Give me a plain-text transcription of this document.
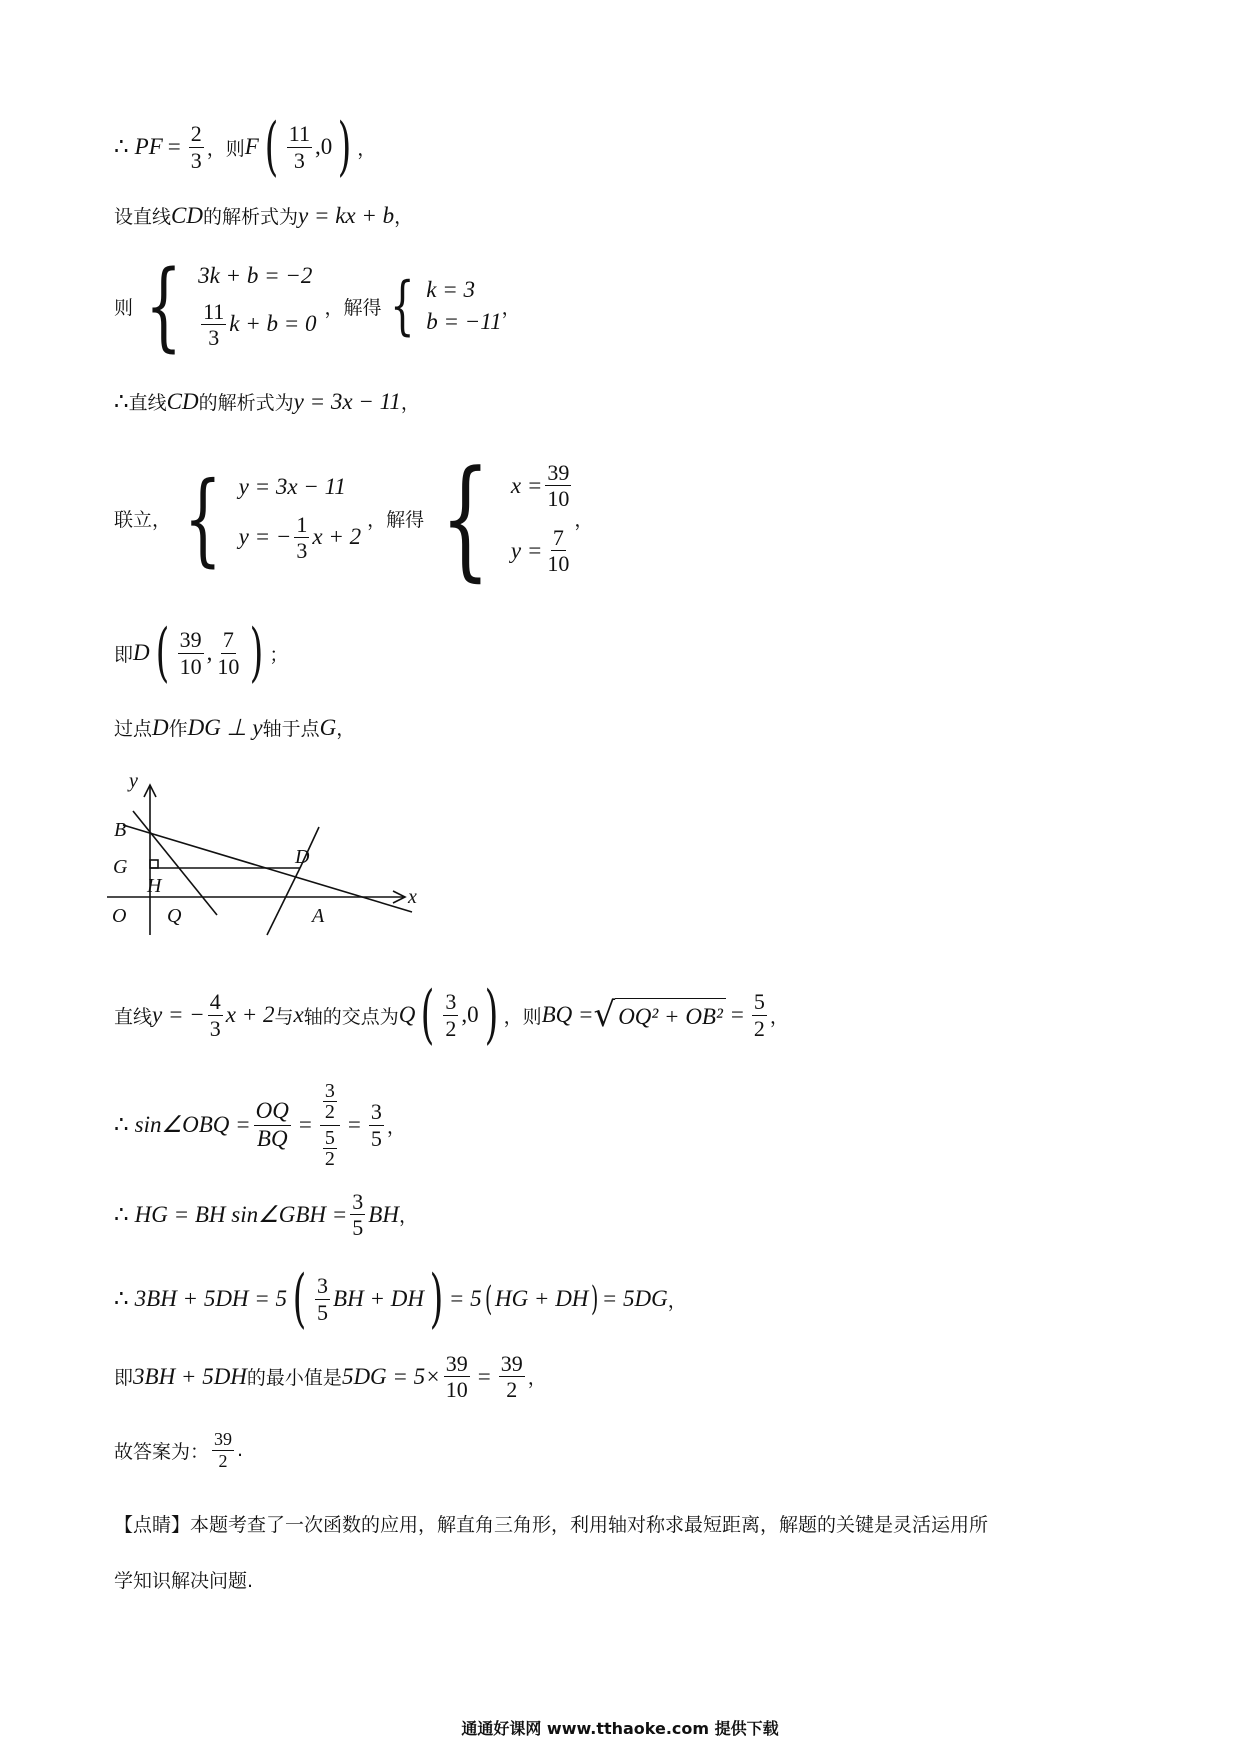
∴ PF = $\frac{2}{3}$ ，则 F ( $\frac{11}{3} ,0$ ) ，
设直线 CD 的解析式为 y = kx + b ，
则 { 3k + b = −2
$\frac{11}{3}$ k + b = 0
，解得 { k = 3
b = −11
，
∴ 直线 CD 的解析式为 y = 3x − 11 ，
联立， { y = 3x − 11
y = − $\frac{1}{3}$ x + 2
，解得 { $x = \frac{39}{10}$
$y = \frac{7}{10}$
，
即 D ( $\frac{39}{10}$ , $\frac{7}{10}$ ) ；
过点 D 作 DG ⊥ y 轴于点 G ，
y
x
B
G
H
O Q
D
A
直线 y = − $\frac{4}{3}$ x + 2 与 x 轴的交点为 Q ( $\frac{3}{2} ,0$ ) ，则 BQ = √ $OQ^2 + OB^2 = \frac{5}{2}$ ，
∴ sin∠OBQ = $\frac{OQ}{BQ} = 3$
2
5
$2 = \frac{3}{5}$ ，
∴ HG = BH sin∠GBH = $\frac{3}{5}$ BH ，
∴ 3BH + 5DH = 5 ( $\frac{3}{5}$ BH + DH ) = 5 ( HG + DH ) = 5DG ，
即 3BH + 5DH 的最小值是 $5DG = 5\times \frac{39}{10} = \frac{39}{2}$ ，
故答案为： $\frac{39}{2}$ .
【点睛】本题考查了一次函数的应用，解直角三角形，利用轴对称求最短距离，解题的关键是灵活运用所
学知识解决问题.
通通好课网 www.tthaoke.com 提供下载
